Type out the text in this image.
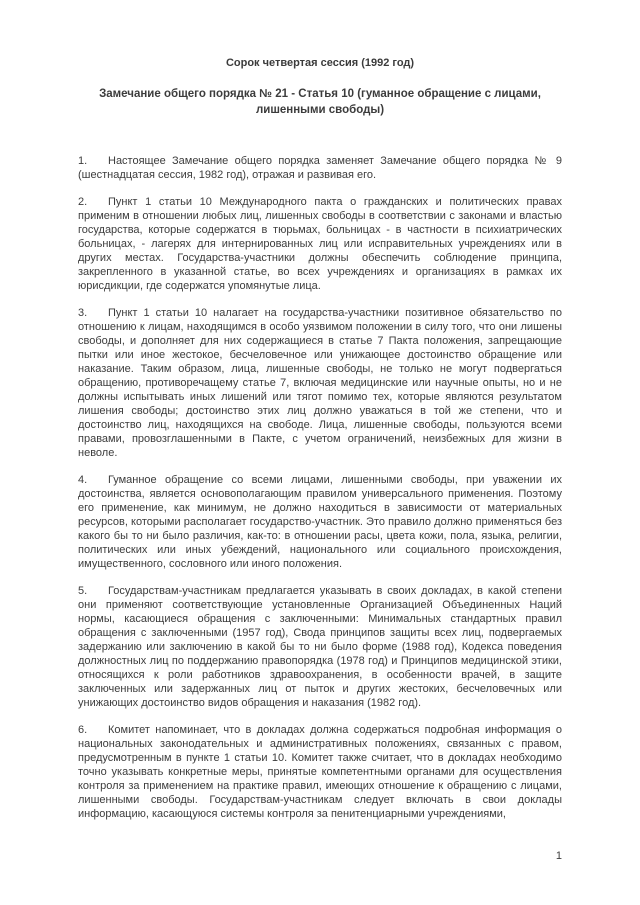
Сорок четвертая сессия (1992 год)
Замечание общего порядка № 21 - Статья 10 (гуманное обращение с лицами, лишенными свободы)
1. Настоящее Замечание общего порядка заменяет Замечание общего порядка № 9 (шестнадцатая сессия, 1982 год), отражая и развивая его.
2. Пункт 1 статьи 10 Международного пакта о гражданских и политических правах применим в отношении любых лиц, лишенных свободы в соответствии с законами и властью государства, которые содержатся в тюрьмах, больницах - в частности в психиатрических больницах, - лагерях для интернированных лиц или исправительных учреждениях или в других местах. Государства-участники должны обеспечить соблюдение принципа, закрепленного в указанной статье, во всех учреждениях и организациях в рамках их юрисдикции, где содержатся упомянутые лица.
3. Пункт 1 статьи 10 налагает на государства-участники позитивное обязательство по отношению к лицам, находящимся в особо уязвимом положении в силу того, что они лишены свободы, и дополняет для них содержащиеся в статье 7 Пакта положения, запрещающие пытки или иное жестокое, бесчеловечное или унижающее достоинство обращение или наказание. Таким образом, лица, лишенные свободы, не только не могут подвергаться обращению, противоречащему статье 7, включая медицинские или научные опыты, но и не должны испытывать иных лишений или тягот помимо тех, которые являются результатом лишения свободы; достоинство этих лиц должно уважаться в той же степени, что и достоинство лиц, находящихся на свободе. Лица, лишенные свободы, пользуются всеми правами, провозглашенными в Пакте, с учетом ограничений, неизбежных для жизни в неволе.
4. Гуманное обращение со всеми лицами, лишенными свободы, при уважении их достоинства, является основополагающим правилом универсального применения. Поэтому его применение, как минимум, не должно находиться в зависимости от материальных ресурсов, которыми располагает государство-участник. Это правило должно применяться без какого бы то ни было различия, как-то: в отношении расы, цвета кожи, пола, языка, религии, политических или иных убеждений, национального или социального происхождения, имущественного, сословного или иного положения.
5. Государствам-участникам предлагается указывать в своих докладах, в какой степени они применяют соответствующие установленные Организацией Объединенных Наций нормы, касающиеся обращения с заключенными: Минимальных стандартных правил обращения с заключенными (1957 год), Свода принципов защиты всех лиц, подвергаемых задержанию или заключению в какой бы то ни было форме (1988 год), Кодекса поведения должностных лиц по поддержанию правопорядка (1978 год) и Принципов медицинской этики, относящихся к роли работников здравоохранения, в особенности врачей, в защите заключенных или задержанных лиц от пыток и других жестоких, бесчеловечных или унижающих достоинство видов обращения и наказания (1982 год).
6. Комитет напоминает, что в докладах должна содержаться подробная информация о национальных законодательных и административных положениях, связанных с правом, предусмотренным в пункте 1 статьи 10. Комитет также считает, что в докладах необходимо точно указывать конкретные меры, принятые компетентными органами для осуществления контроля за применением на практике правил, имеющих отношение к обращению с лицами, лишенными свободы. Государствам-участникам следует включать в свои доклады информацию, касающуюся системы контроля за пенитенциарными учреждениями,
1
